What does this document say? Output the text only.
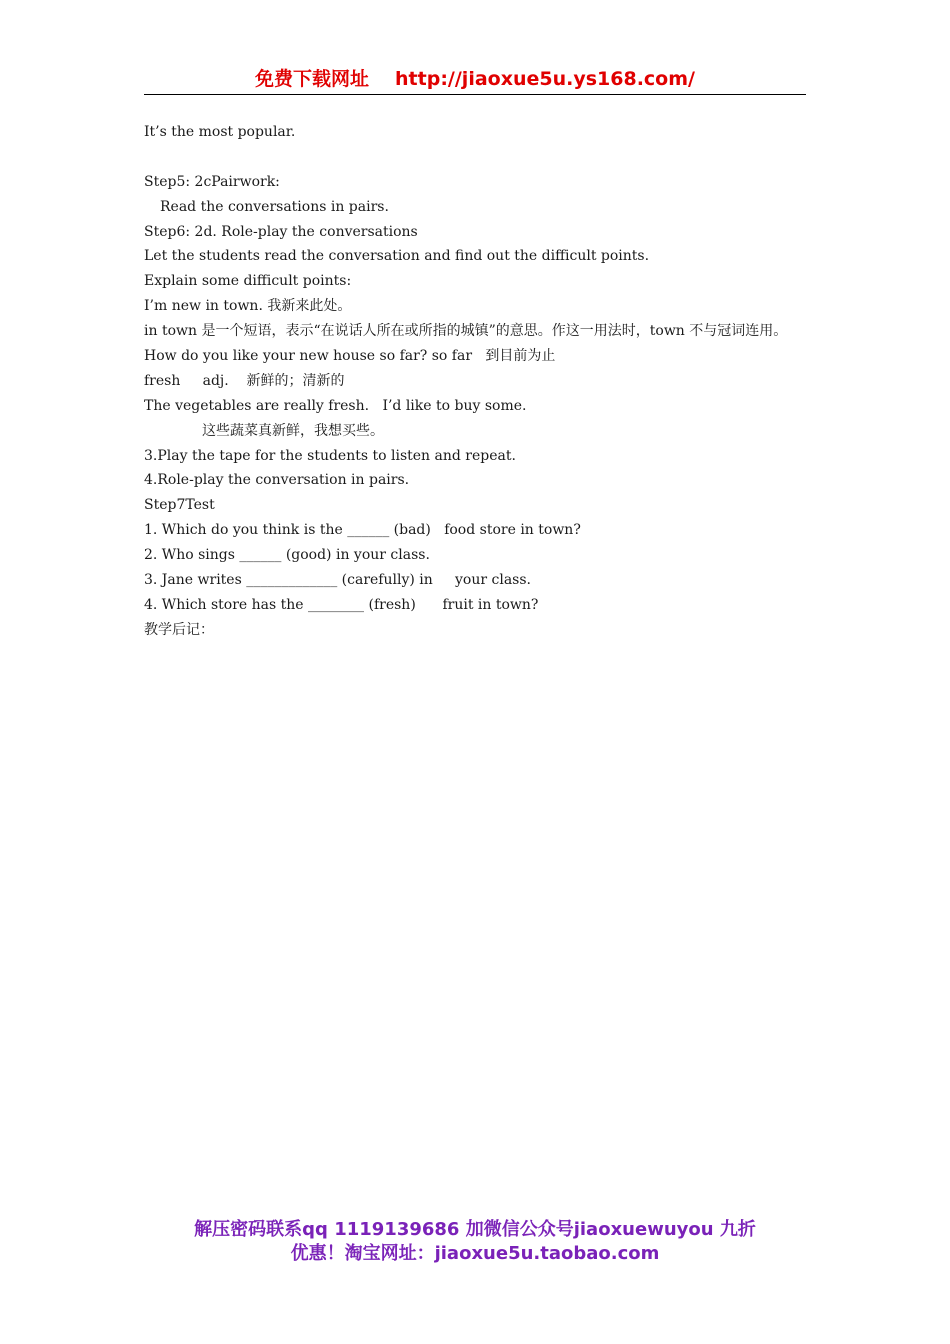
免费下载网址 http://jiaoxue5u.ys168.com/
It’s the most popular.
Step5: 2cPairwork:
Read the conversations in pairs.
Step6: 2d. Role-play the conversations
Let the students read the conversation and find out the difficult points.
Explain some difficult points:
I’m new in town. 我新来此处。
in town 是一个短语，表示“在说话人所在或所指的城镇”的意思。作这一用法时，town 不与冠词连用。
How do you like your new house so far? so far   到目前为止
fresh     adj.    新鲜的；清新的
The vegetables are really fresh.   I’d like to buy some.
这些蔬菜真新鲜，我想买些。
3.Play the tape for the students to listen and repeat.
4.Role-play the conversation in pairs.
Step7Test
1. Which do you think is the ______ (bad)   food store in town?
2. Who sings ______ (good) in your class.
3. Jane writes _____________ (carefully) in     your class.
4. Which store has the ________ (fresh)      fruit in town?
教学后记：
解压密码联系qq 1119139686 加微信公众号jiaoxuewuyou 九折
优惠！淘宝网址：jiaoxue5u.taobao.com
